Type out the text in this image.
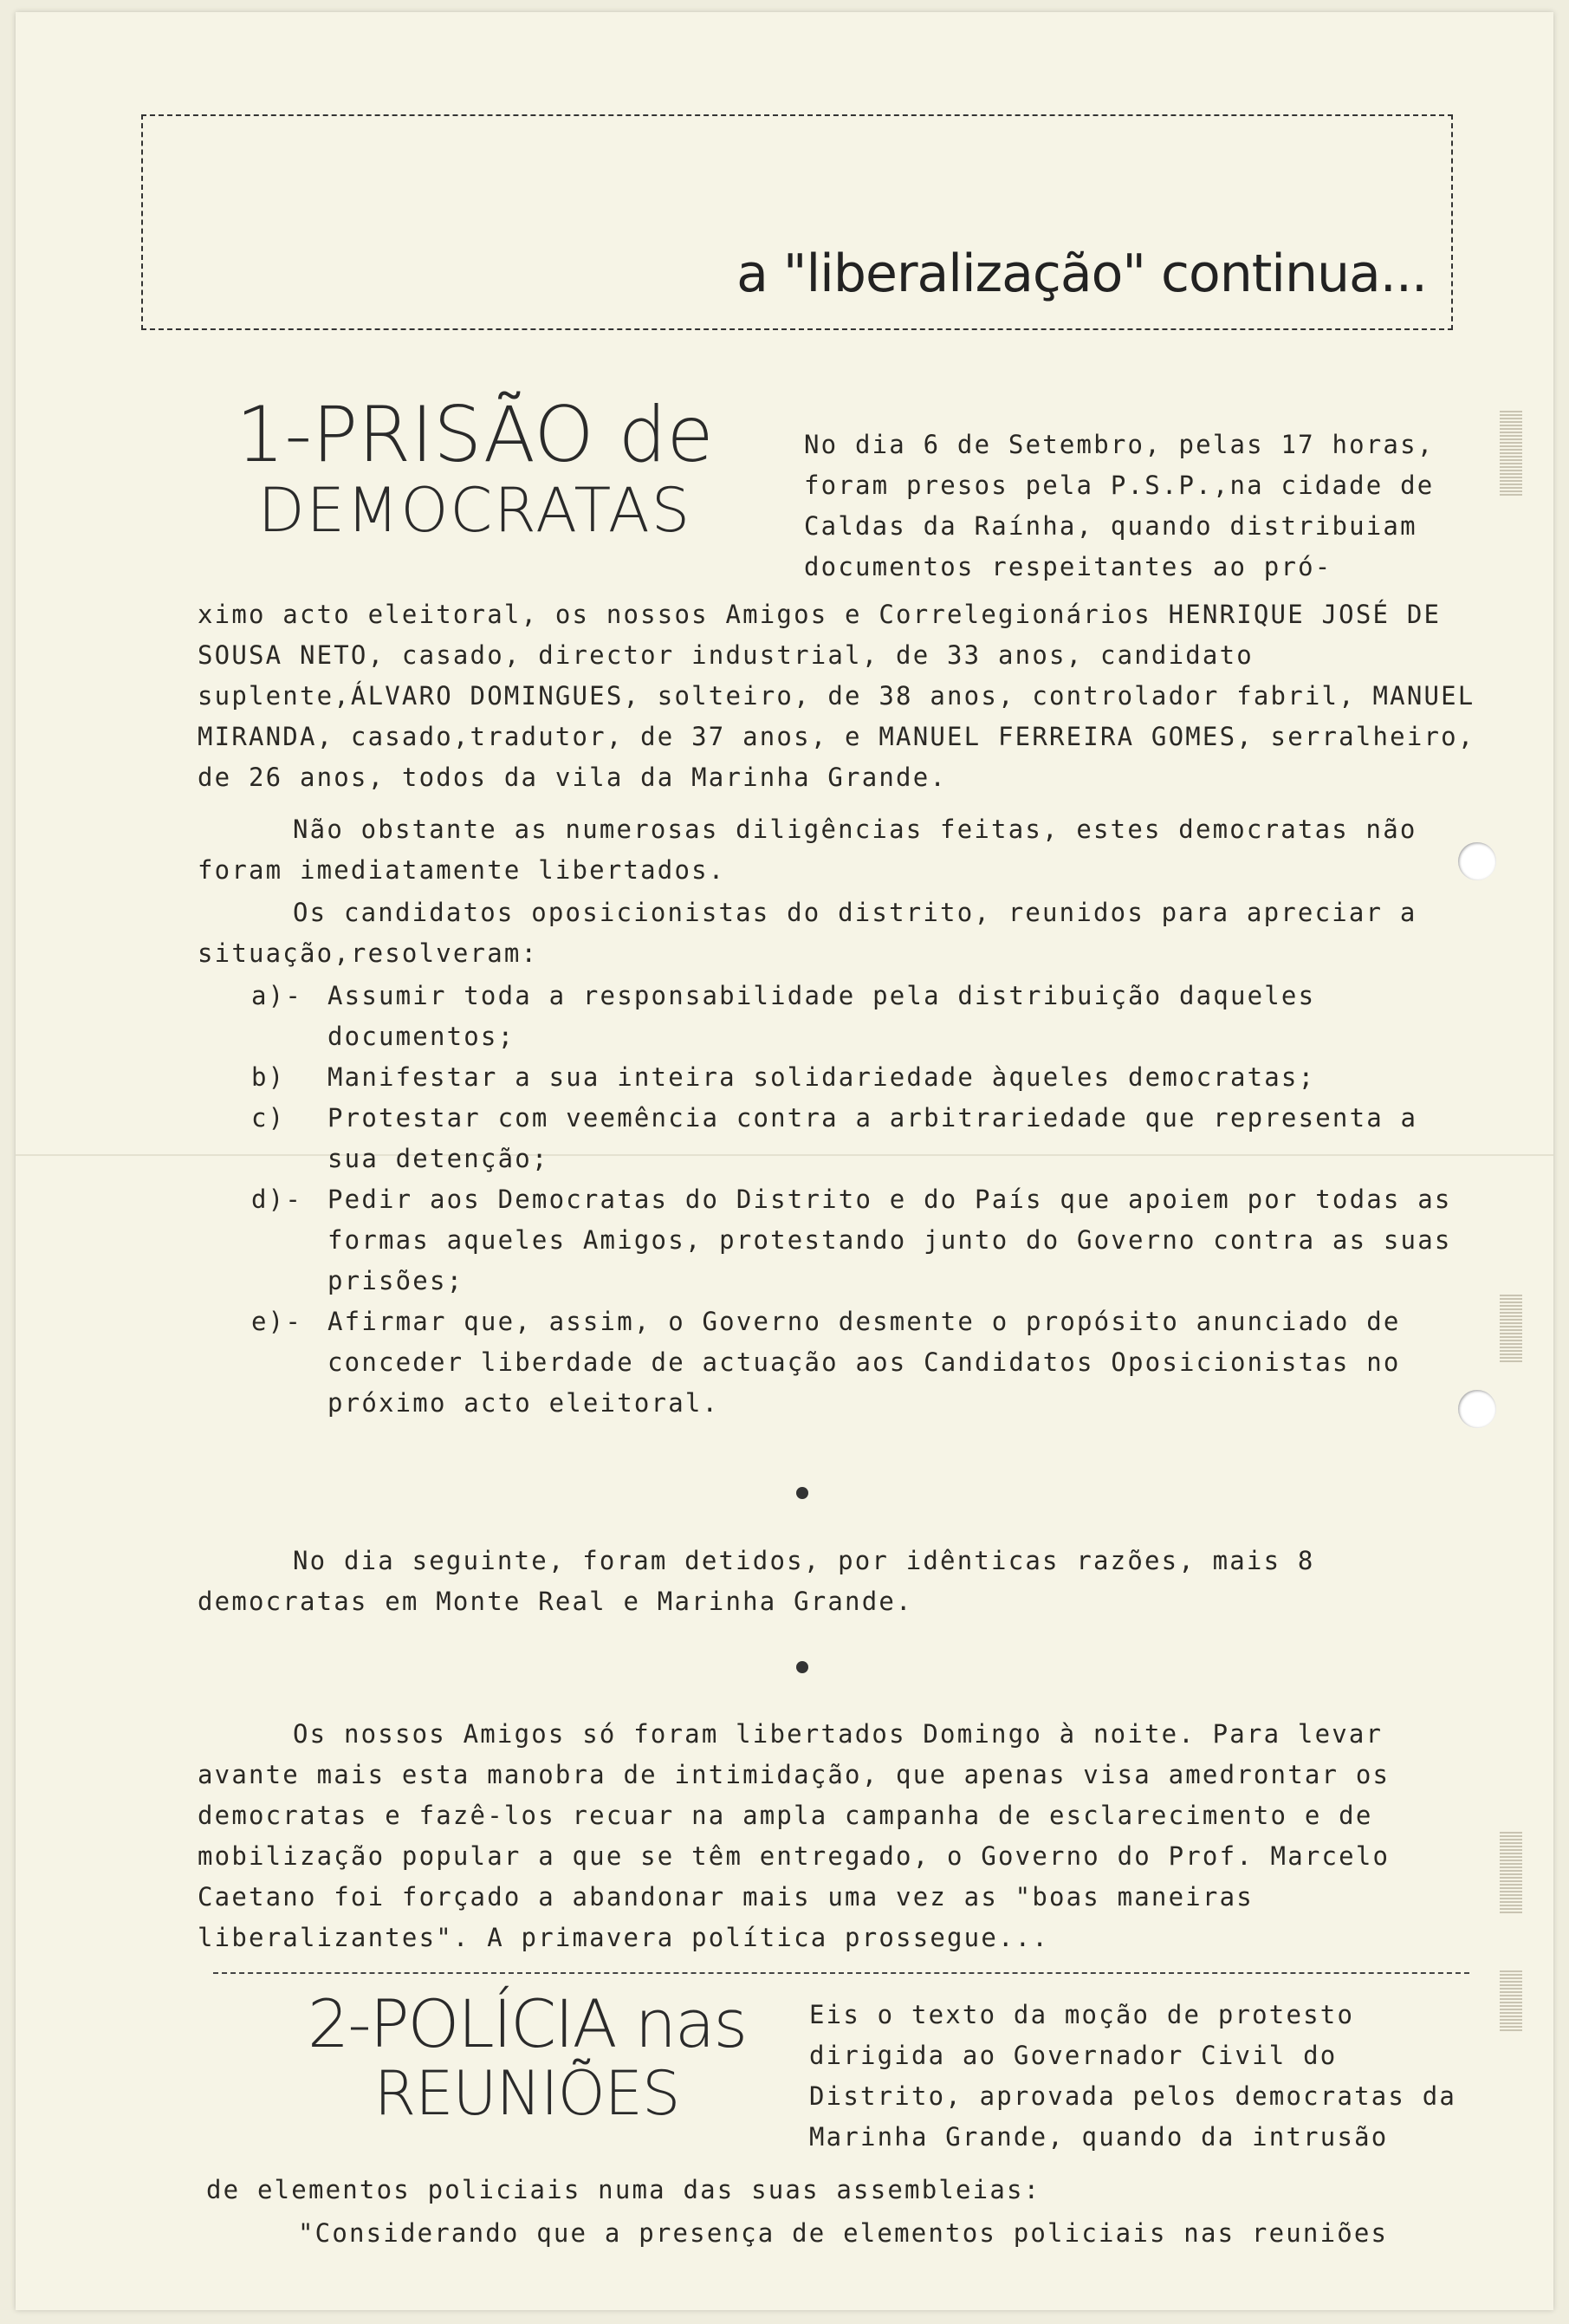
a "liberalização" continua...
1-PRISÃO de
DEMOCRATAS
No dia 6 de Setembro, pelas 17 horas, foram presos pela P.S.P.,na cidade de Caldas da Raínha, quando distribuiam documentos respeitantes ao pró-
ximo acto eleitoral, os nossos Amigos e Correlegionários HENRIQUE JOSÉ DE SOUSA NETO, casado, director industrial, de 33 anos, candidato suplente,ÁLVARO DOMINGUES, solteiro, de 38 anos, controlador fabril, MANUEL MIRANDA, casado,tradutor, de 37 anos, e MANUEL FERREIRA GOMES, serralheiro, de 26 anos, todos da vila da Marinha Grande.
Não obstante as numerosas diligências feitas, estes democratas não foram imediatamente libertados.
Os candidatos oposicionistas do distrito, reunidos para apreciar a situação,resolveram:
a)-	Assumir toda a responsabilidade pela distribuição daqueles documentos;
b)	Manifestar a sua inteira solidariedade àqueles democratas;
c)	Protestar com veemência contra a arbitrariedade que representa a sua detenção;
d)-	Pedir aos Democratas do Distrito e do País que apoiem por todas as formas aqueles Amigos, protestando junto do Governo contra as suas prisões;
e)-	Afirmar que, assim, o Governo desmente o propósito anunciado de conceder liberdade de actuação aos Candidatos Oposicionistas no próximo acto eleitoral.
No dia seguinte, foram detidos, por idênticas razões, mais 8 democratas em Monte Real e Marinha Grande.
Os nossos Amigos só foram libertados Domingo à noite. Para levar avante mais esta manobra de intimidação, que apenas visa amedrontar os democratas e fazê-los recuar na ampla campanha de esclarecimento e de mobilização popular a que se têm entregado, o Governo do Prof. Marcelo Caetano foi forçado a abandonar mais uma vez as "boas maneiras liberalizantes". A primavera política prossegue...
2-POLÍCIA nas
REUNIÕES
Eis o texto da moção de protesto dirigida ao Governador Civil do Distrito, aprovada pelos democratas da Marinha Grande, quando da intrusão
de elementos policiais numa das suas assembleias:
"Considerando que a presença de elementos policiais nas reuniões
